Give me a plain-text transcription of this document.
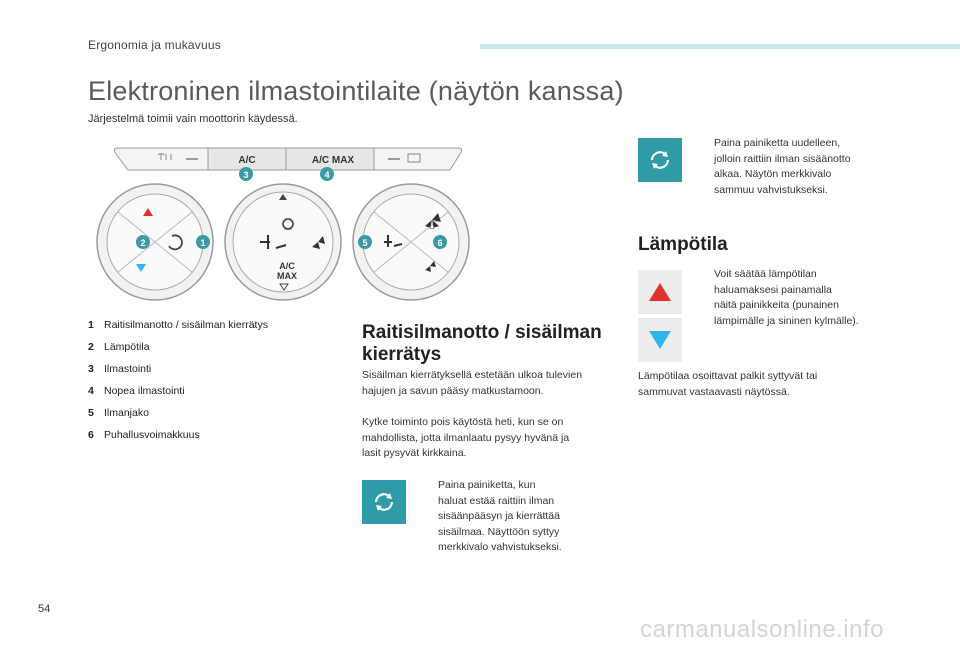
Ergonomia ja mukavuus
Elektroninen ilmastointilaite (näytön kanssa)
Järjestelmä toimii vain moottorin käydessä.
A/C	A/C MAX
3	4
2	1
A/C
MAX
5	6
1 Raitisilmanotto / sisäilman kierrätys
2 Lämpötila
3 Ilmastointi
4 Nopea ilmastointi
5 Ilmanjako
6 Puhallusvoimakkuus
Raitisilmanotto / sisäilman
kierrätys
Sisäilman kierrätyksellä estetään ulkoa tulevien
hajujen ja savun pääsy matkustamoon.
Kytke toiminto pois käytöstä heti, kun se on
mahdollista, jotta ilmanlaatu pysyy hyvänä ja
lasit pysyvät kirkkaina.
Paina painiketta, kun
haluat estää raittiin ilman
sisäänpääsyn ja kierrättää
sisäilmaa. Näyttöön syttyy
merkkivalo vahvistukseksi.
Paina painiketta uudelleen,
jolloin raittiin ilman sisäänotto
alkaa. Näytön merkkivalo
sammuu vahvistukseksi.
Lämpötila
Voit säätää lämpötilan
haluamaksesi painamalla
näitä painikkeita (punainen
lämpimälle ja sininen kylmälle).
Lämpötilaa osoittavat palkit syttyvät tai
sammuvat vastaavasti näytössä.
54
carmanualsonline.info
